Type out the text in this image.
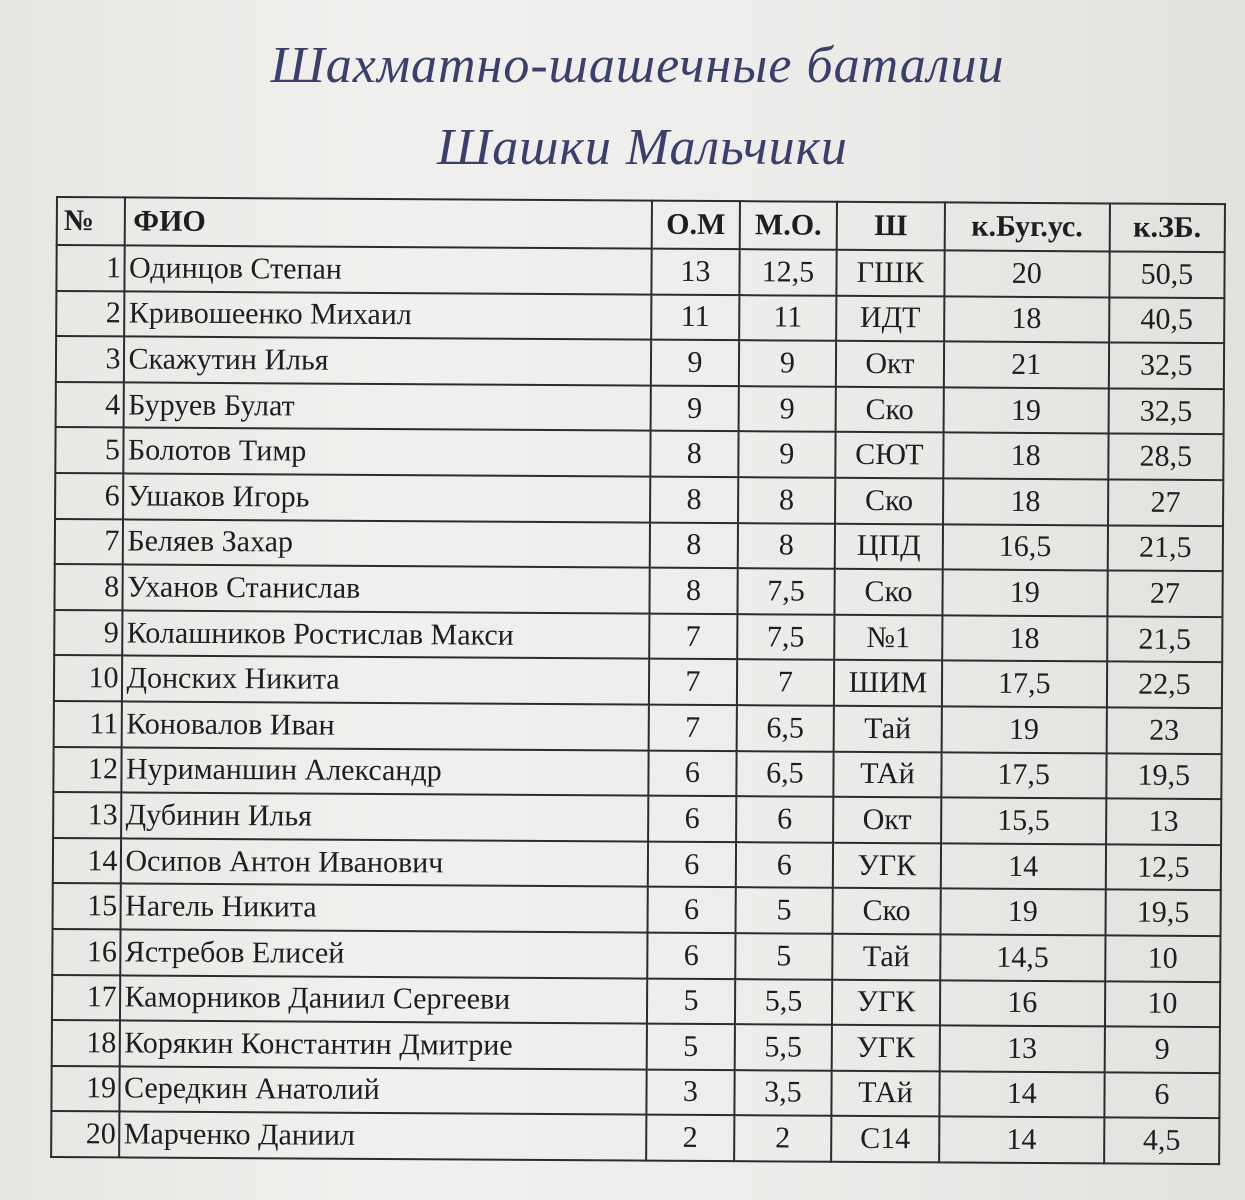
Шахматно-шашечные баталии
Шашки Мальчики
№	ФИО	О.М	М.О.	Ш	к.Буг.ус.	к.ЗБ.
1	Одинцов Степан	13	12,5	ГШК	20	50,5
2	Кривошеенко Михаил	11	11	ИДТ	18	40,5
3	Скажутин Илья	9	9	Окт	21	32,5
4	Буруев Булат	9	9	Ско	19	32,5
5	Болотов Тимр	8	9	СЮТ	18	28,5
6	Ушаков Игорь	8	8	Ско	18	27
7	Беляев Захар	8	8	ЦПД	16,5	21,5
8	Уханов Станислав	8	7,5	Ско	19	27
9	Колашников Ростислав Макси	7	7,5	№1	18	21,5
10	Донских Никита	7	7	ШИМ	17,5	22,5
11	Коновалов Иван	7	6,5	Тай	19	23
12	Нуриманшин Александр	6	6,5	ТАй	17,5	19,5
13	Дубинин Илья	6	6	Окт	15,5	13
14	Осипов Антон Иванович	6	6	УГК	14	12,5
15	Нагель Никита	6	5	Ско	19	19,5
16	Ястребов Елисей	6	5	Тай	14,5	10
17	Каморников Даниил Сергееви	5	5,5	УГК	16	10
18	Корякин Константин Дмитрие	5	5,5	УГК	13	9
19	Середкин Анатолий	3	3,5	ТАй	14	6
20	Марченко Даниил	2	2	С14	14	4,5
